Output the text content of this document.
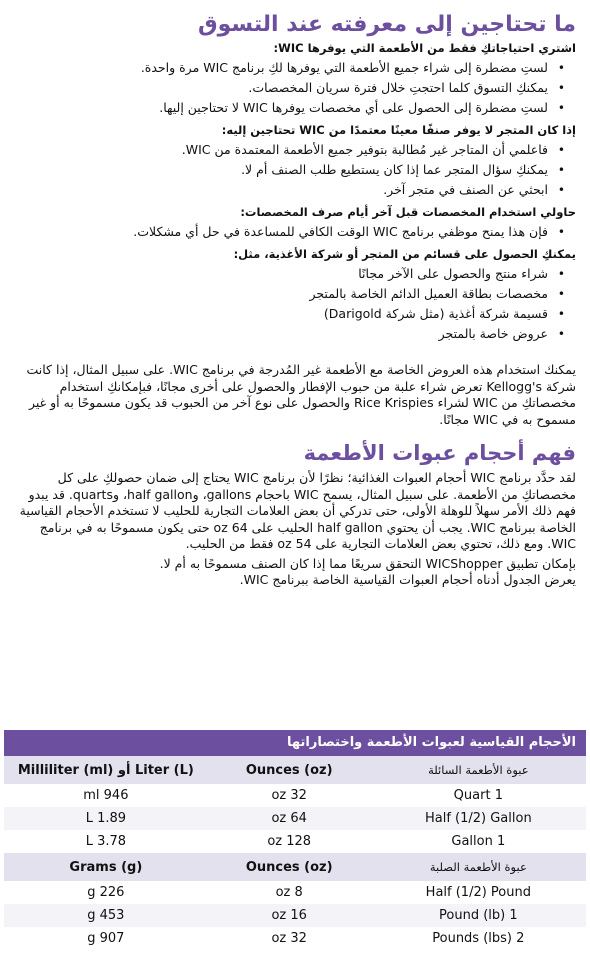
ما تحتاجين إلى معرفته عند التسوق
اشتري احتياجاتكِ فقط من الأطعمة التي يوفرها WIC:
• لستِ مضطرة إلى شراء جميع الأطعمة التي يوفرها لكِ برنامج WIC مرة واحدة.
• يمكنكِ التسوق كلما احتجتِ خلال فترة سريان المخصصات.
• لستِ مضطرة إلى الحصول على أي مخصصات يوفرها WIC لا تحتاجين إليها.
إذا كان المتجر لا يوفر صنفًا معينًا معتمدًا من WIC تحتاجين إليه:
• فاعلمي أن المتاجر غير مُطالبة بتوفير جميع الأطعمة المعتمدة من WIC.
• يمكنكِ سؤال المتجر عما إذا كان يستطيع طلب الصنف أم لا.
• ابحثي عن الصنف في متجر آخر.
حاولي استخدام المخصصات قبل آخر أيام صرف المخصصات:
• فإن هذا يمنح موظفي برنامج WIC الوقت الكافي للمساعدة في حل أي مشكلات.
يمكنكِ الحصول على قسائم من المتجر أو شركة الأغذية، مثل:
• شراء منتج والحصول على الآخر مجانًا
• مخصصات بطاقة العميل الدائم الخاصة بالمتجر
• قسيمة شركة أغذية (مثل شركة Darigold)
• عروض خاصة بالمتجر

يمكنك استخدام هذه العروض الخاصة مع الأطعمة غير المُدرجة في برنامج WIC. على سبيل المثال، إذا كانت شركة Kellogg's تعرض شراء علبة من حبوب الإفطار والحصول على أخرى مجانًا، فبإمكانكِ استخدام مخصصاتكِ من WIC لشراء Rice Krispies والحصول على نوع آخر من الحبوب قد يكون مسموحًا به أو غير مسموح به في WIC مجانًا.

فهم أحجام عبوات الأطعمة

لقد حدَّد برنامج WIC أحجام العبوات الغذائية؛ نظرًا لأن برنامج WIC يحتاج إلى ضمان حصولكِ على كل مخصصاتكِ من الأطعمة. على سبيل المثال، يسمح WIC باحجام gallons، وhalf gallon، وquarts. قد يبدو فهم ذلك الأمر سهلاً للوهلة الأولى، حتى تدركي أن بعض العلامات التجارية للحليب لا تستخدم الأحجام القياسية الخاصة ببرنامج WIC. يجب أن يحتوي half gallon الحليب على 64 oz حتى يكون مسموحًا به في برنامج WIC. ومع ذلك، تحتوي بعض العلامات التجارية على 54 oz فقط من الحليب.

بإمكان تطبيق WICShopper التحقق سريعًا مما إذا كان الصنف مسموحًا به أم لا.

يعرض الجدول أدناه أحجام العبوات القياسية الخاصة ببرنامج WIC.

الأحجام القياسية لعبوات الأطعمة واختصاراتها
عبوة الأطعمة السائلة	Ounces (oz)	Milliliter (ml) أو Liter (L)
1 Quart	32 oz	946 ml
Half (1/2) Gallon	64 oz	1.89 L
1 Gallon	128 oz	3.78 L
عبوة الأطعمة الصلبة	Ounces (oz)	Grams (g)
Half (1/2) Pound	8 oz	226 g
1 Pound (lb)	16 oz	453 g
2 Pounds (lbs)	32 oz	907 g
